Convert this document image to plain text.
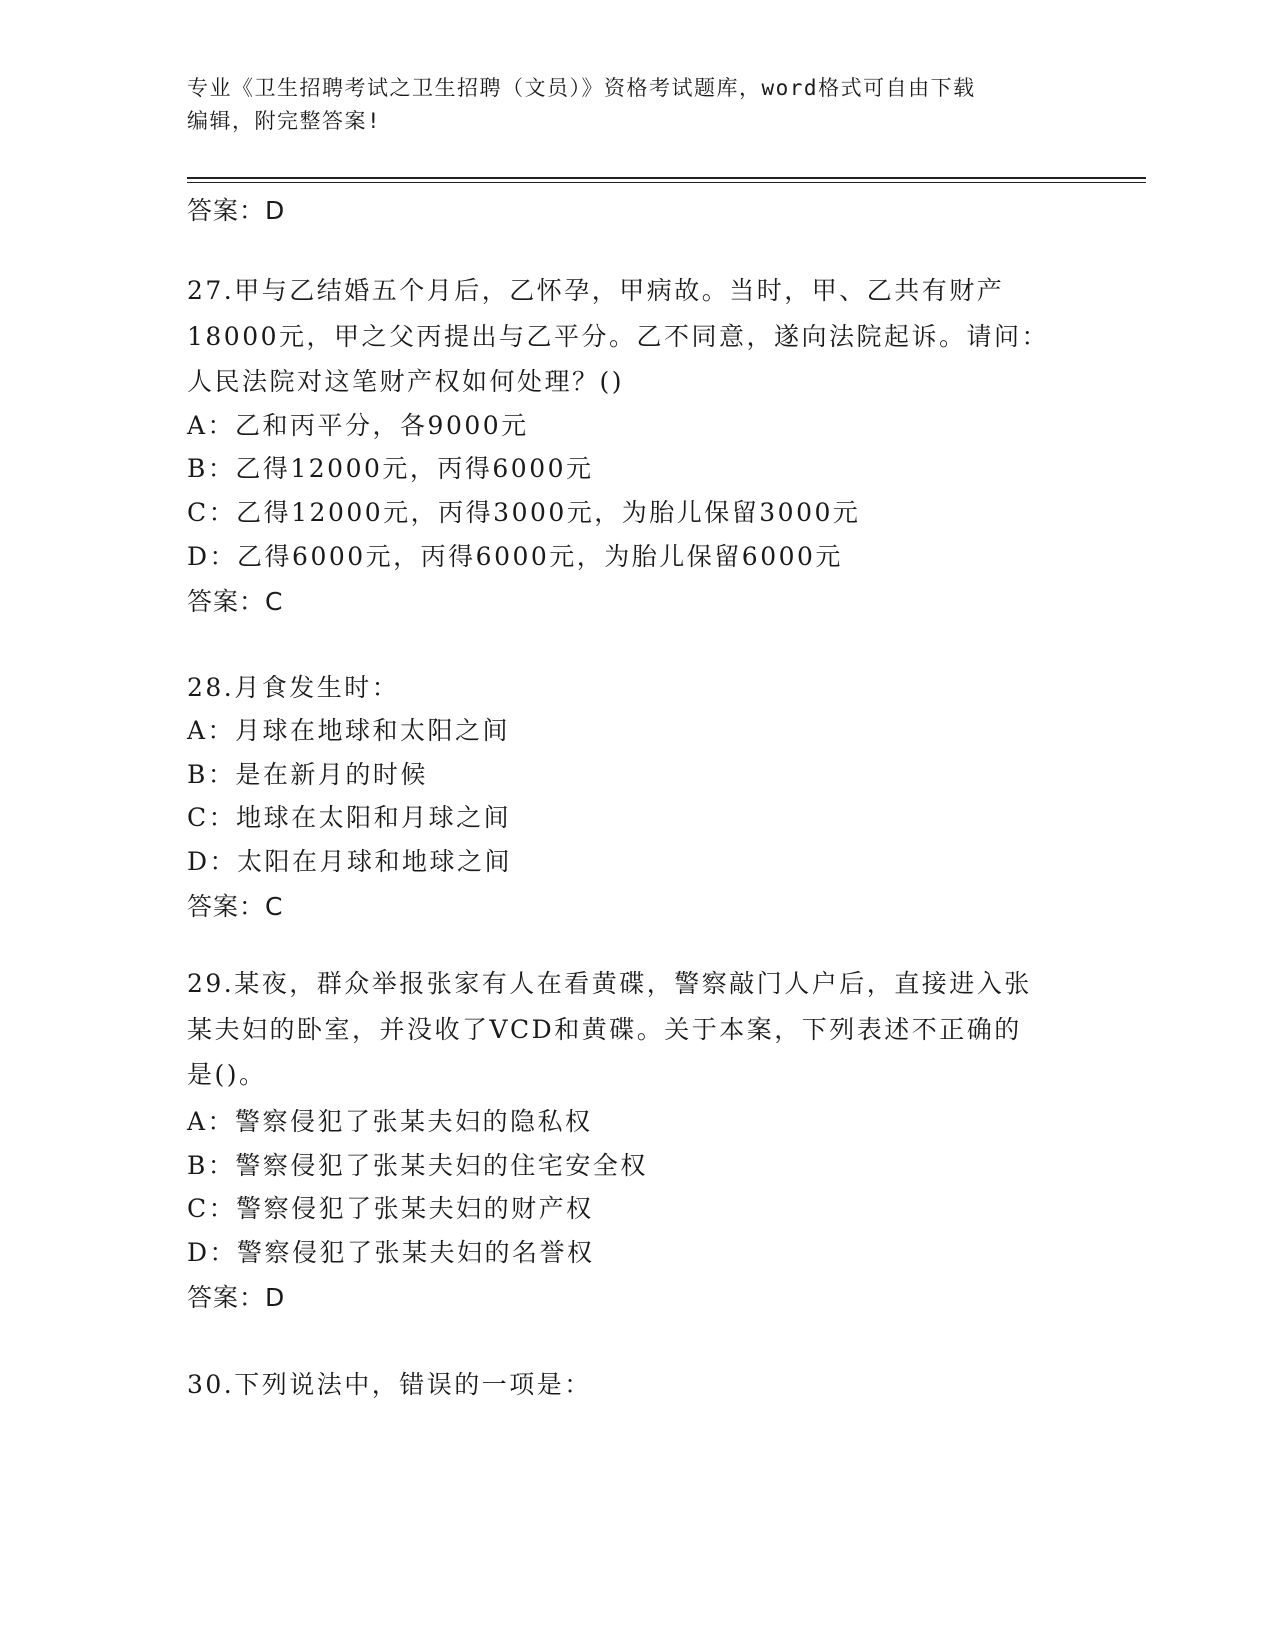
专业《卫生招聘考试之卫生招聘（文员）》资格考试题库，word格式可自由下载
编辑，附完整答案!
答案：D

27.甲与乙结婚五个月后，乙怀孕，甲病故。当时，甲、乙共有财产

18000元，甲之父丙提出与乙平分。乙不同意，遂向法院起诉。请问：

人民法院对这笔财产权如何处理？()

A：乙和丙平分，各9000元
B：乙得12000元，丙得6000元
C：乙得12000元，丙得3000元，为胎儿保留3000元
D：乙得6000元，丙得6000元，为胎儿保留6000元
答案：C
28.月食发生时：
A：月球在地球和太阳之间
B：是在新月的时候
C：地球在太阳和月球之间
D：太阳在月球和地球之间
答案：C

29.某夜，群众举报张家有人在看黄碟，警察敲门人户后，直接进入张

某夫妇的卧室，并没收了VCD和黄碟。关于本案，下列表述不正确的

是()。

A：警察侵犯了张某夫妇的隐私权
B：警察侵犯了张某夫妇的住宅安全权
C：警察侵犯了张某夫妇的财产权
D：警察侵犯了张某夫妇的名誉权
答案：D
30.下列说法中，错误的一项是：
